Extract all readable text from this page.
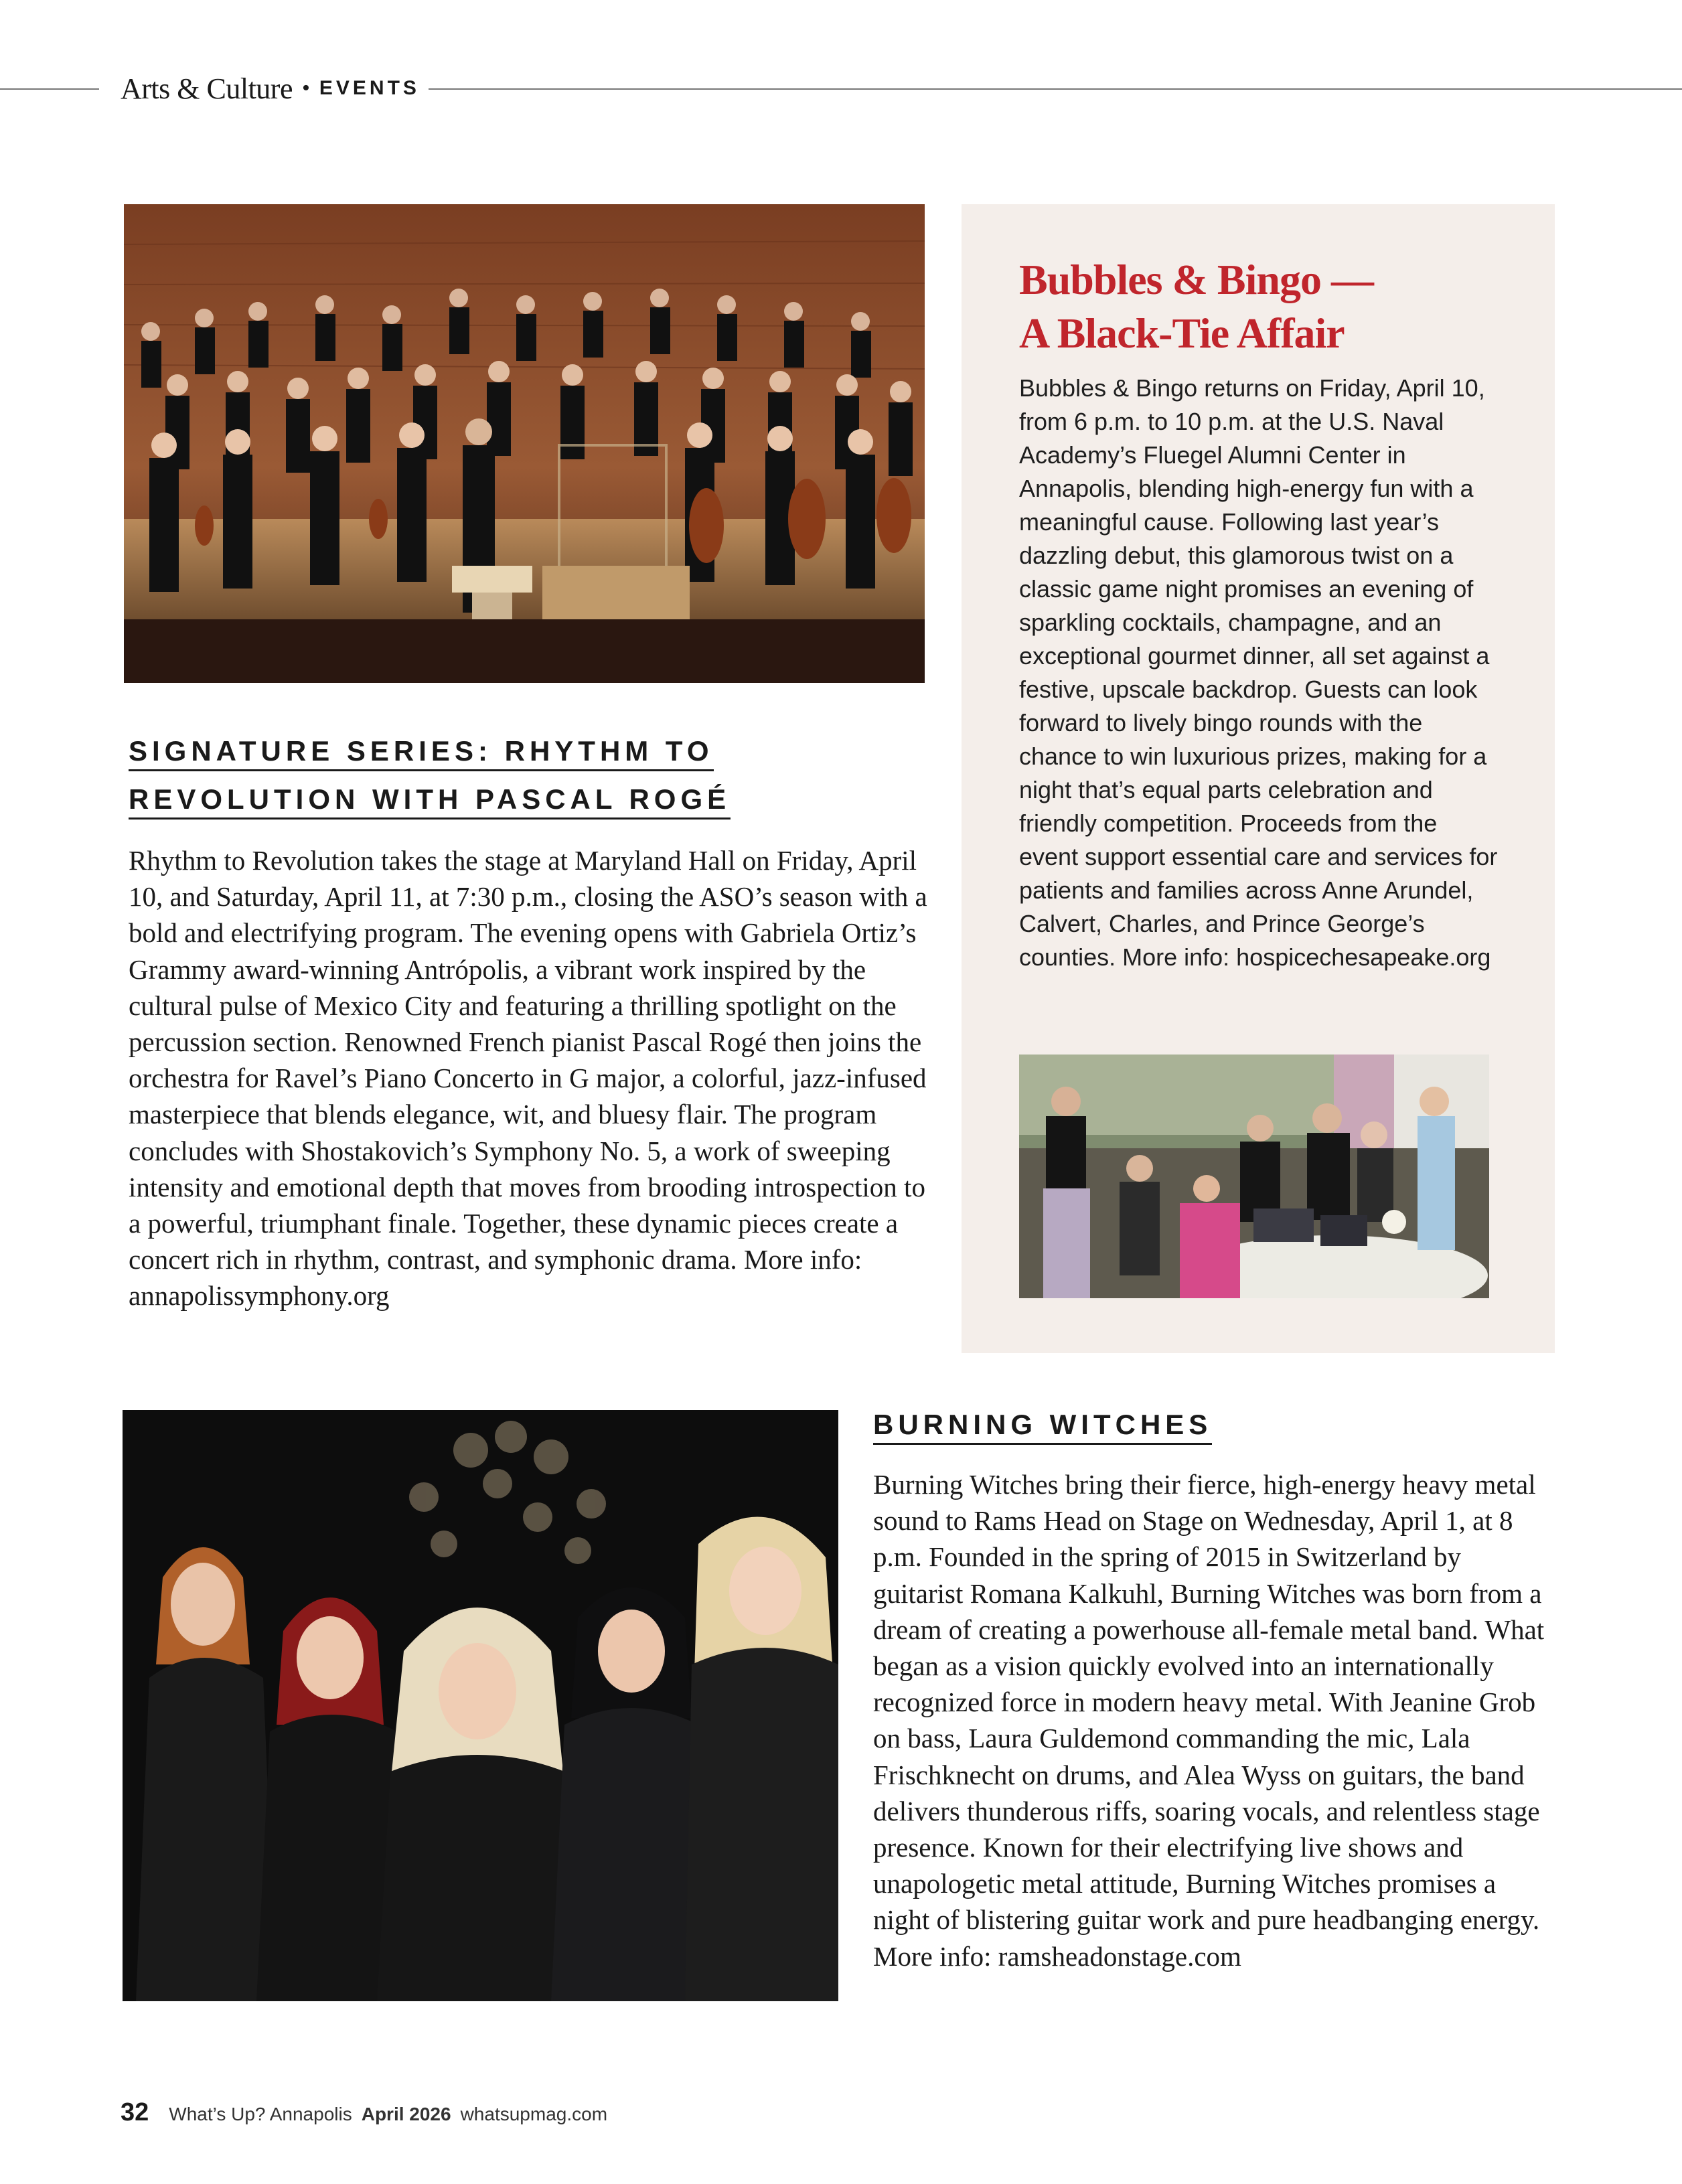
Arts & Culture • EVENTS
Bubbles & Bingo —
A Black-Tie Affair

Bubbles & Bingo returns on Friday, April 10, from 6 p.m. to 10 p.m. at the U.S. Naval Academy’s Fluegel Alumni Center in Annapolis, blending high-energy fun with a meaningful cause. Following last year’s dazzling debut, this glamorous twist on a classic game night promises an evening of sparkling cocktails, champagne, and an exceptional gourmet dinner, all set against a festive, upscale backdrop. Guests can look forward to lively bingo rounds with the chance to win luxurious prizes, making for a night that’s equal parts celebration and friendly competition. Proceeds from the event support essential care and services for patients and families across Anne Arundel, Calvert, Charles, and Prince George’s counties. More info: hospicechesapeake.org

SIGNATURE SERIES: RHYTHM TO
REVOLUTION WITH PASCAL ROGÉ

Rhythm to Revolution takes the stage at Maryland Hall on Friday, April 10, and Saturday, April 11, at 7:30 p.m., closing the ASO’s season with a bold and electrifying program. The evening opens with Gabriela Ortiz’s Grammy award-winning Antrópolis, a vibrant work inspired by the cultural pulse of Mexico City and featuring a thrilling spotlight on the percussion section. Renowned French pianist Pascal Rogé then joins the orchestra for Ravel’s Piano Concerto in G major, a colorful, jazz-infused masterpiece that blends elegance, wit, and bluesy flair. The program concludes with Shostakovich’s Symphony No. 5, a work of sweeping intensity and emotional depth that moves from brooding introspection to a powerful, triumphant finale. Together, these dynamic pieces create a concert rich in rhythm, contrast, and symphonic drama. More info: annapolissymphony.org

BURNING WITCHES

Burning Witches bring their fierce, high-energy heavy metal sound to Rams Head on Stage on Wednesday, April 1, at 8 p.m. Founded in the spring of 2015 in Switzerland by guitarist Romana Kalkuhl, Burning Witches was born from a dream of creating a powerhouse all-female metal band. What began as a vision quickly evolved into an internationally recognized force in modern heavy metal. With Jeanine Grob on bass, Laura Guldemond commanding the mic, Lala Frischknecht on drums, and Alea Wyss on guitars, the band delivers thunderous riffs, soaring vocals, and relentless stage presence. Known for their electrifying live shows and unapologetic metal attitude, Burning Witches promises a night of blistering guitar work and pure headbanging energy. More info: ramsheadonstage.com

32 What’s Up? Annapolis April 2026 whatsupmag.com
